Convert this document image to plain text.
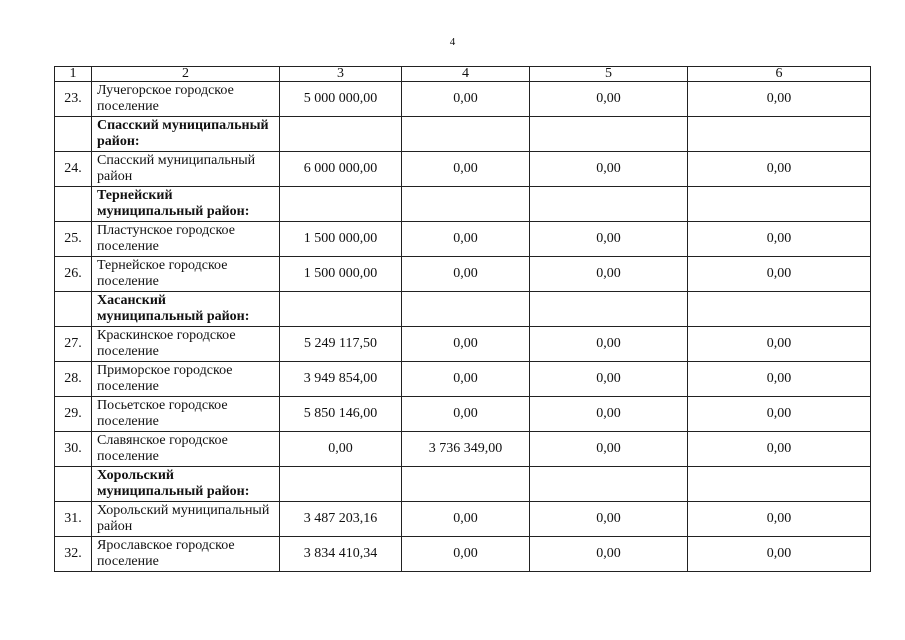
4
1	2	3	4	5	6
23.	Лучегорское городское поселение	5 000 000,00	0,00	0,00	0,00

	Спасский муниципальный район:				

24.	Спасский муниципальный район	6 000 000,00	0,00	0,00	0,00

	Тернейский муниципальный район:				

25.	Пластунское городское поселение	1 500 000,00	0,00	0,00	0,00
26.	Тернейское городское поселение	1 500 000,00	0,00	0,00	0,00

	Хасанский муниципальный район:				

27.	Краскинское городское поселение	5 249 117,50	0,00	0,00	0,00
28.	Приморское городское поселение	3 949 854,00	0,00	0,00	0,00
29.	Посьетское городское поселение	5 850 146,00	0,00	0,00	0,00
30.	Славянское городское поселение	0,00	3 736 349,00	0,00	0,00

	Хорольский муниципальный район:				

31.	Хорольский муниципальный район	3 487 203,16	0,00	0,00	0,00
32.	Ярославское городское поселение	3 834 410,34	0,00	0,00	0,00
